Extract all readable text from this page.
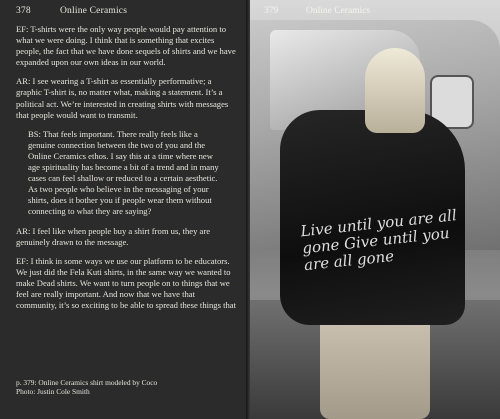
378	Online Ceramics

EF: T-shirts were the only way people would pay attention to what we were doing. I think that is something that excites people, the fact that we have done sequels of shirts and we have expanded upon our own ideas in our world.

AR: I see wearing a T-shirt as essentially performative; a graphic T-shirt is, no matter what, making a statement. It’s a political act. We’re interested in creating shirts with messages that people would want to transmit.

BS: That feels important. There really feels like a genuine connection between the two of you and the Online Ceramics ethos. I say this at a time where new age spirituality has become a bit of a trend and in many cases can feel shallow or reduced to a certain aesthetic. As two people who believe in the messaging of your shirts, does it bother you if people wear them without connecting to what they are saying?

AR: I feel like when people buy a shirt from us, they are genuinely drawn to the message.

EF: I think in some ways we use our platform to be educators. We just did the Fela Kuti shirts, in the same way we wanted to make Dead shirts. We want to turn people on to things that we feel are really important. And now that we have that community, it’s so exciting to be able to spread these things that

p. 379: Online Ceramics shirt modeled by Coco
Photo: Justin Cole Smith
Live until you are all gone Give until you are all gone
379	Online Ceramics
